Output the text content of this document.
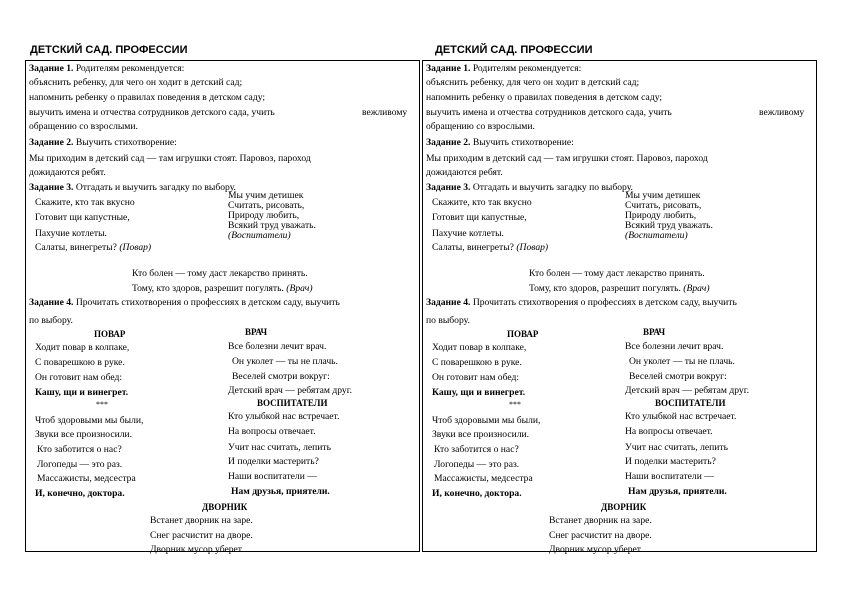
ДЕТСКИЙ САД. ПРОФЕССИИ
Задание 1. Родителям рекомендуется:
объяснить ребенку, для чего он ходит в детский сад;
напомнить ребенку о правилах поведения в детском саду;
выучить имена и отчества сотрудников детского сада, учить	вежливому
обращению со взрослыми.
Задание 2. Выучить стихотворение:
Мы приходим в детский сад — там игрушки стоят. Паровоз, пароход
дожидаются ребят.
Задание 3. Отгадать и выучить загадку по выбору.
Скажите, кто так вкусно
Готовит щи капустные,
Пахучие котлеты.
Салаты, винегреты? (Повар)
Мы учим детишек
Считать, рисовать,
Природу любить,
Всякий труд уважать.
(Воспитатели)
Кто болен — тому даст лекарство принять.
Тому, кто здоров, разрешит погулять. (Врач)
Задание 4. Прочитать стихотворения о профессиях в детском саду, выучить
по выбору.
ПОВАР
Ходит повар в колпаке,
С поварешкою в руке.
Он готовит нам обед:
Кашу, щи и винегрет.
***
Чтоб здоровыми мы были,
Звуки все произносили.
Кто заботится о нас?
Логопеды — это раз.
Массажисты, медсестра
И, конечно, доктора.
ВРАЧ
Все болезни лечит врач.
Он уколет — ты не плачь.
Веселей смотри вокруг:
Детский врач — ребятам друг.
ВОСПИТАТЕЛИ
Кто улыбкой нас встречает.
На вопросы отвечает.
Учит нас считать, лепить
И поделки мастерить?
Наши воспитатели —
Нам друзья, приятели.
ДВОРНИК
Встанет дворник на заре.
Снег расчистит на дворе.
Дворник мусор уберет
ДЕТСКИЙ САД. ПРОФЕССИИ
Задание 1. Родителям рекомендуется:
объяснить ребенку, для чего он ходит в детский сад;
напомнить ребенку о правилах поведения в детском саду;
выучить имена и отчества сотрудников детского сада, учить	вежливому
обращению со взрослыми.
Задание 2. Выучить стихотворение:
Мы приходим в детский сад — там игрушки стоят. Паровоз, пароход
дожидаются ребят.
Задание 3. Отгадать и выучить загадку по выбору.
Скажите, кто так вкусно
Готовит щи капустные,
Пахучие котлеты.
Салаты, винегреты? (Повар)
Мы учим детишек
Считать, рисовать,
Природу любить,
Всякий труд уважать.
(Воспитатели)
Кто болен — тому даст лекарство принять.
Тому, кто здоров, разрешит погулять. (Врач)
Задание 4. Прочитать стихотворения о профессиях в детском саду, выучить
по выбору.
ПОВАР
Ходит повар в колпаке,
С поварешкою в руке.
Он готовит нам обед:
Кашу, щи и винегрет.
***
Чтоб здоровыми мы были,
Звуки все произносили.
Кто заботится о нас?
Логопеды — это раз.
Массажисты, медсестра
И, конечно, доктора.
ВРАЧ
Все болезни лечит врач.
Он уколет — ты не плачь.
Веселей смотри вокруг:
Детский врач — ребятам друг.
ВОСПИТАТЕЛИ
Кто улыбкой нас встречает.
На вопросы отвечает.
Учит нас считать, лепить
И поделки мастерить?
Наши воспитатели —
Нам друзья, приятели.
ДВОРНИК
Встанет дворник на заре.
Снег расчистит на дворе.
Дворник мусор уберет
